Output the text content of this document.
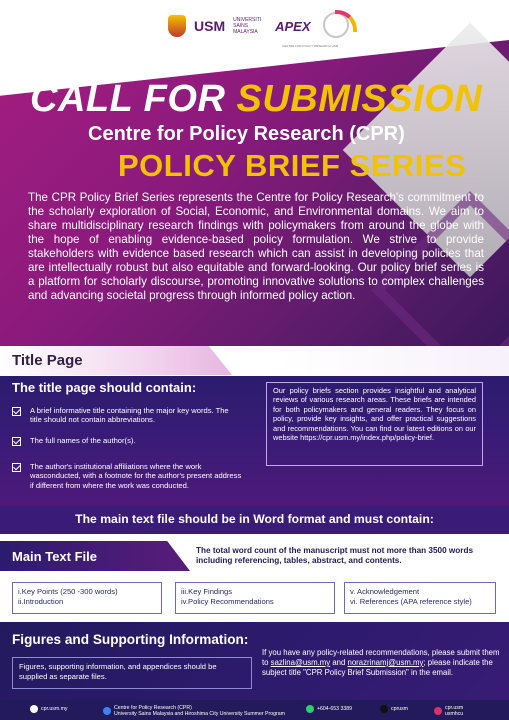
USM UNIVERSITI SAINS MALAYSIA	APEX
CENTRE FOR POLICY RESEARCH USM
CALL FOR SUBMISSION
Centre for Policy Research (CPR)
POLICY BRIEF SERIES
The CPR Policy Brief Series represents the Centre for Policy Research's commitment to the scholarly exploration of Social, Economic, and Environmental domains. We aim to share multidisciplinary research findings with policymakers from around the globe with the hope of enabling evidence-based policy formulation. We strive to provide stakeholders with evidence based research which can assist in developing policies that are intellectually robust but also equitable and forward-looking. Our policy brief series is a platform for scholarly discourse, promoting innovative solutions to complex challenges and advancing societal progress through informed policy action.
Title Page
The title page should contain:
A brief informative title containing the major key words. The title should not contain abbreviations.
The full names of the author(s).
The author's institutional affiliations where the work wasconducted, with a footnote for the author's present address if different from where the work was conducted.
Our policy briefs section provides insightful and analytical reviews of various research areas. These briefs are intended for both policymakers and general readers. They focus on policy, provide key insights, and offer practical suggestions and recommendations. You can find our latest editions on our website https://cpr.usm.my/index.php/policy-brief.
The main text file should be in Word format and must contain:
Main Text File	The total word count of the manuscript must not more than 3500 words including referencing, tables, abstract, and contents.
i.Key Points (250 -300 words)
ii.Introduction
iii.Key Findings
iv.Policy Recommendations
v. Acknowledgement
vi. References (APA reference style)
Figures and Supporting Information:
Figures, supporting information, and appendices should be supplied as separate files.
If you have any policy-related recommendations, please submit them to sazlina@usm.my and norazrinamj@usm.my; please indicate the subject title "CPR Policy Brief Submission" in the email.
cpr.usm.my	Centre for Policy Research (CPR)
University Sains Malaysia and Hiroshima City University Summer Program
+604-653 3389	cprusm	cpr.usm
usmhcu
